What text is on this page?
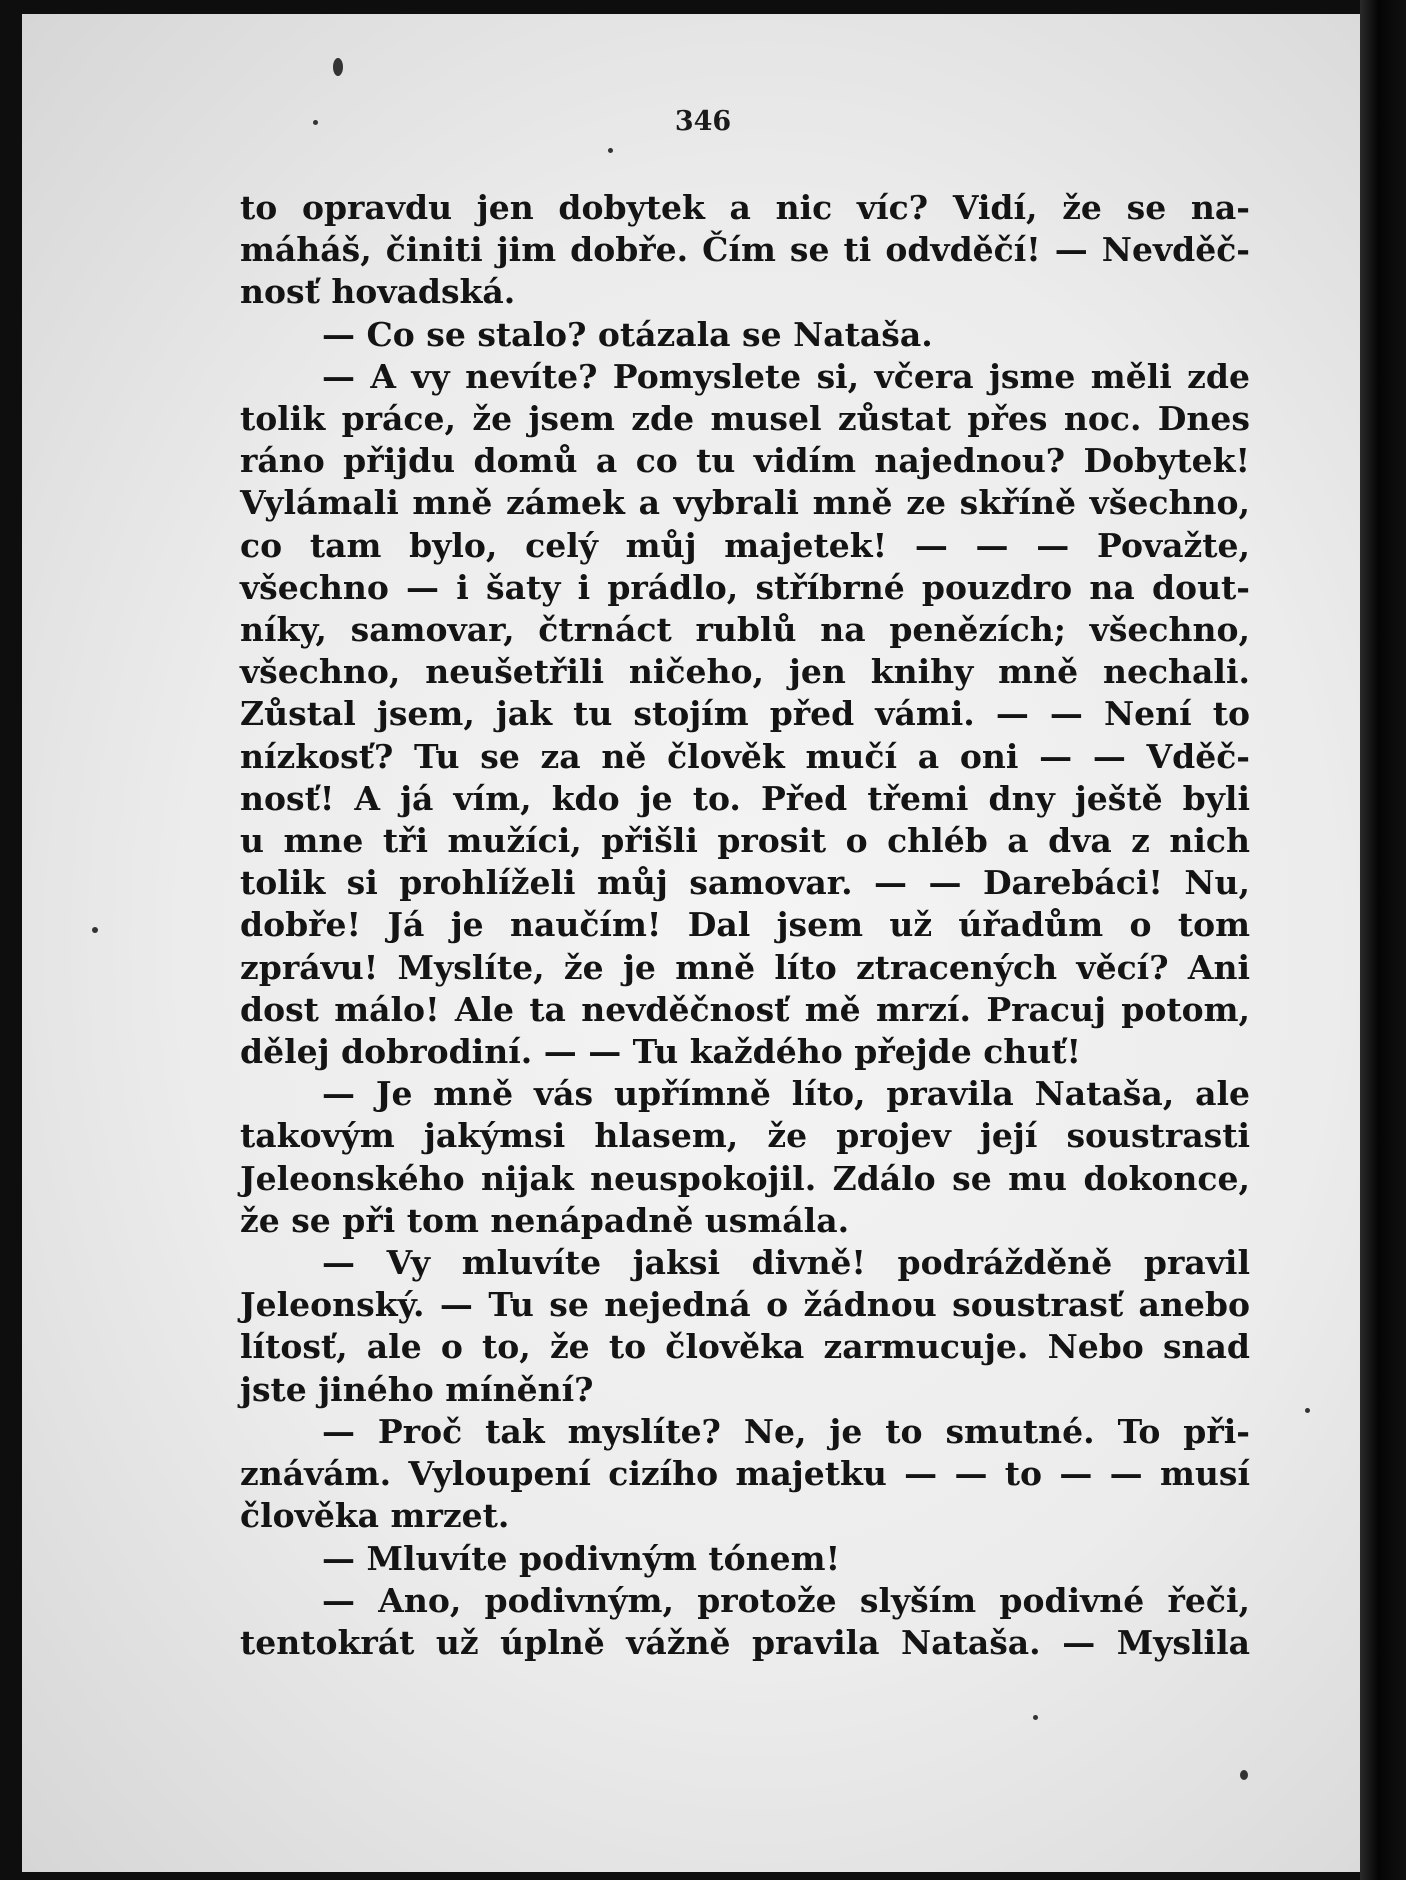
346
to opravdu jen dobytek a nic víc? Vidí, že se na-
máháš, činiti jim dobře. Čím se ti odvděčí! — Nevděč-
nosť hovadská.
— Co se stalo? otázala se Nataša.
— A vy nevíte? Pomyslete si, včera jsme měli zde
tolik práce, že jsem zde musel zůstat přes noc. Dnes
ráno přijdu domů a co tu vidím najednou? Dobytek!
Vylámali mně zámek a vybrali mně ze skříně všechno,
co tam bylo, celý můj majetek! — — — Považte,
všechno — i šaty i prádlo, stříbrné pouzdro na dout-
níky, samovar, čtrnáct rublů na penězích; všechno,
všechno, neušetřili ničeho, jen knihy mně nechali.
Zůstal jsem, jak tu stojím před vámi. — — Není to
nízkosť? Tu se za ně člověk mučí a oni — — Vděč-
nosť! A já vím, kdo je to. Před třemi dny ještě byli
u mne tři mužíci, přišli prosit o chléb a dva z nich
tolik si prohlíželi můj samovar. — — Darebáci! Nu,
dobře! Já je naučím! Dal jsem už úřadům o tom
zprávu! Myslíte, že je mně líto ztracených věcí? Ani
dost málo! Ale ta nevděčnosť mě mrzí. Pracuj potom,
dělej dobrodiní. — — Tu každého přejde chuť!
— Je mně vás upřímně líto, pravila Nataša, ale
takovým jakýmsi hlasem, že projev její soustrasti
Jeleonského nijak neuspokojil. Zdálo se mu dokonce,
že se při tom nenápadně usmála.
— Vy mluvíte jaksi divně! podrážděně pravil
Jeleonský. — Tu se nejedná o žádnou soustrasť anebo
lítosť, ale o to, že to člověka zarmucuje. Nebo snad
jste jiného mínění?
— Proč tak myslíte? Ne, je to smutné. To při-
znávám. Vyloupení cizího majetku — — to — — musí
člověka mrzet.
— Mluvíte podivným tónem!
— Ano, podivným, protože slyším podivné řeči,
tentokrát už úplně vážně pravila Nataša. — Myslila
